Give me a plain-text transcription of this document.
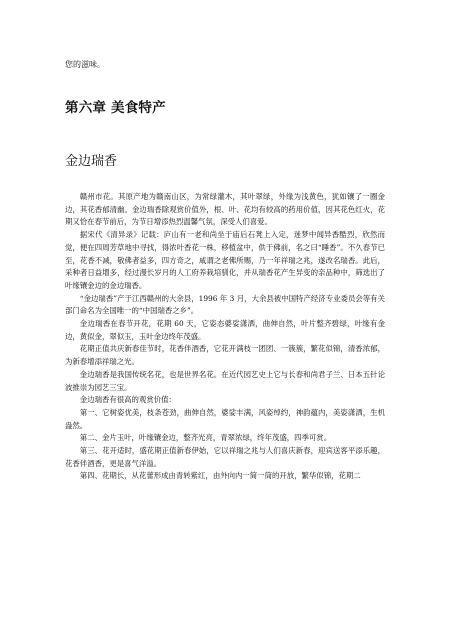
您的滋味。

第六章 美食特产
金边瑞香

赣州市花。其原产地为赣南山区，为常绿灌木，其叶翠绿，外缘为浅黄色，犹如镶了一圈金边，其花香郁清幽。金边瑞香除观赏价值外，根、叶、花均有较高的药用价值，因其花色红火，花期又恰在春节前后，为节日增添热烈温馨气氛，深受人们喜爱。

据宋代《清异录》记载：庐山有一老和尚坐于庙后石凳上入定，迷梦中闻异香酷烈，欣然而觉，便在四周芳草地中寻找，得浓叶香花一株，移植盆中，供于佛前，名之曰“睡香”。不久春节已至，花香不减，敬佛者益多，四方奇之，咸谓之老佛所赐，乃一年祥瑞之兆，遂改名瑞香。此后，采种者日益增多，经过漫长岁月的人工府养栽培驯化，并从瑞香花产生异变的亲品种中，筛选出了叶缘镶金边的金边瑞香。

“金边瑞香”产于江西赣州的大余县，1996 年 3 月，大余县被中国特产经济专业委员会等有关部门命名为全国唯一的“中国瑞香之乡”。

金边瑞香在春节开花，花期 60 天，它姿态婆娑潇洒，曲伸自然，叶片整齐碧绿，叶缘有金边，黄似金，翠似玉，玉叶金边终年茂盛。

花期正值共庆新春佳节时，花香伴酒香，它花开满枝一团团、一簇簇，繁花似锦，清香浓郁，为新春增添祥瑞之光。

金边瑞香是我国传统名花，也是世界名花。在近代园艺史上它与长春和尚君子兰、日本五针论波推崇为园艺三宝。

金边瑞香有很高的观赏价值：

第一、它树姿优美，枝条苍劲，曲伸自然，婆娑丰满，风姿绰约，神韵蕴内，美姿潇洒，生机盎然。

第二、金片玉叶，叶缘镶金边，整齐光亮，青翠浓绿，终年茂盛，四季可赏。

第三、花开适时，盛花期正值新春伊始，它以祥瑞之兆与人们喜庆新春，迎宾送客平添乐趣，花香伴酒香，更是喜气洋溢。

第四、花期长，从花蕾形成由青转紫红，由外向内一简一筒的开放，繁华似锦，花期二
